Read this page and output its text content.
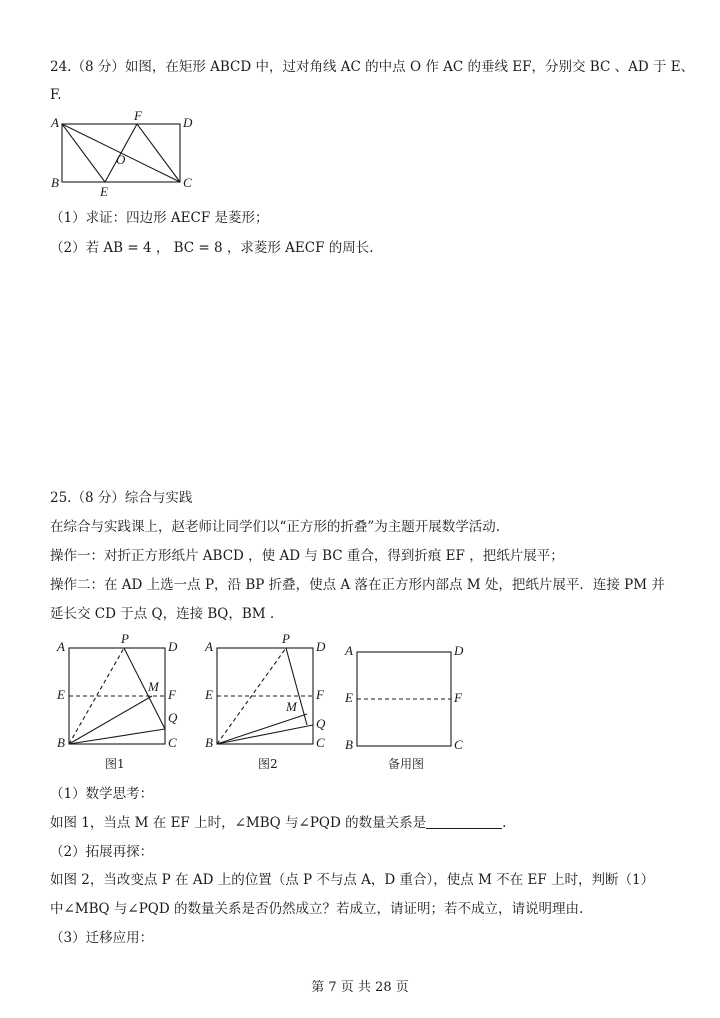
24.（8 分）如图，在矩形 ABCD 中，过对角线 AC 的中点 O 作 AC 的垂线 EF，分别交 BC 、AD 于 E、
F.
A
B	C
D
E
F
O
（1）求证：四边形 AECF 是菱形；
（2）若 AB = 4 ， BC = 8 ，求菱形 AECF 的周长.
25.（8 分）综合与实践
在综合与实践课上，赵老师让同学们以“正方形的折叠”为主题开展数学活动.
操作一：对折正方形纸片 ABCD ，使 AD 与 BC 重合，得到折痕 EF ，把纸片展平；
操作二：在 AD 上选一点 P，沿 BP 折叠，使点 A 落在正方形内部点 M 处，把纸片展平．连接 PM 并
延长交 CD 于点 Q，连接 BQ，BM .
A	D
P
E	F
M
Q
B	C
图1
A	D
P
E	F
M
Q
B	C
图2
A	D
E	F
B	C
备用图
（1）数学思考：
如图 1，当点 M 在 EF 上时，∠MBQ 与∠PQD 的数量关系是	.
（2）拓展再探：
如图 2，当改变点 P 在 AD 上的位置（点 P 不与点 A，D 重合），使点 M 不在 EF 上时，判断（1）
中∠MBQ 与∠PQD 的数量关系是否仍然成立？若成立，请证明；若不成立，请说明理由.
（3）迁移应用：
第 7 页 共 28 页
